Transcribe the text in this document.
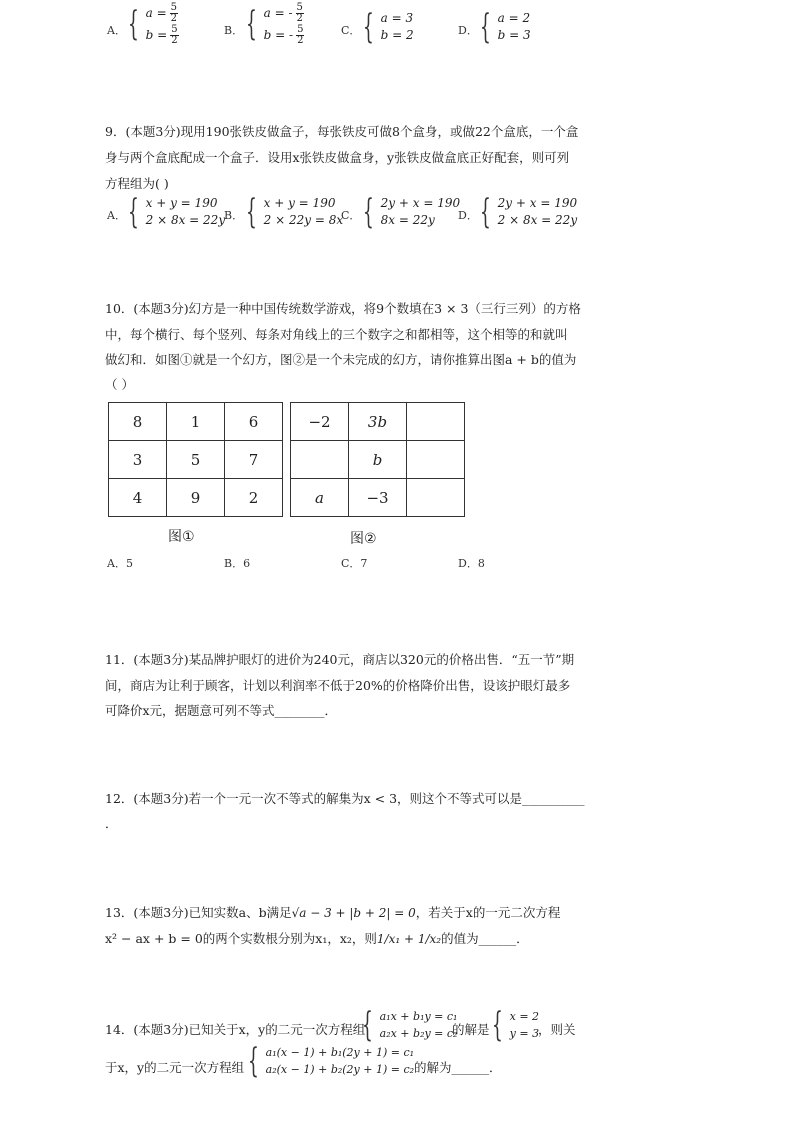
A． { $a = \frac{5}{2}$
$b = \frac{5}{2}$	B． { a = - $\frac{5}{2}$
b = - $\frac{5}{2}$	C． { a = 3
b = 2	D． { a = 2
b = 3
9．(本题3分)现用190张铁皮做盒子，每张铁皮可做8个盒身，或做22个盒底，一个盒
身与两个盒底配成一个盒子．设用x张铁皮做盒身，y张铁皮做盒底正好配套，则可列
方程组为( )
A． { x + y = 190
2 × 8x = 22y
B． { x + y = 190
2 × 22y = 8x
C． { 2y + x = 190
8x = 22y	D． { 2y + x = 190
2 × 8x = 22y
10．(本题3分)幻方是一种中国传统数学游戏，将9个数填在3 × 3（三行三列）的方格
中，每个横行、每个竖列、每条对角线上的三个数字之和都相等，这个相等的和就叫
做幻和．如图①就是一个幻方，图②是一个未完成的幻方，请你推算出图a + b的值为
（ ）
8	1	6
3	5	7
4	9	2
−2	3b	
	b	
a	−3	
图①	图②
A．5	B．6	C．7	D．8
11．(本题3分)某品牌护眼灯的进价为240元，商店以320元的价格出售．“五一节”期
间，商店为让利于顾客，计划以利润率不低于20%的价格降价出售，设该护眼灯最多
可降价x元，据题意可列不等式________．
12．(本题3分)若一个一元一次不等式的解集为x < 3，则这个不等式可以是__________
．
13．(本题3分)已知实数a、b满足√a − 3 + |b + 2| = 0，若关于x的一元二次方程
x² − ax + b = 0的两个实数根分别为x₁，x₂，则1/x₁ + 1/x₂的值为______．
14．(本题3分)已知关于x，y的二元一次方程组
{ a₁x + b₁y = c₁
a₂x + b₂y = c₂
的解是 { x = 2
y = 3
，则关
于x，y的二元一次方程组 { a₁(x − 1) + b₁(2y + 1) = c₁
a₂(x − 1) + b₂(2y + 1) = c₂ 的解为______．
